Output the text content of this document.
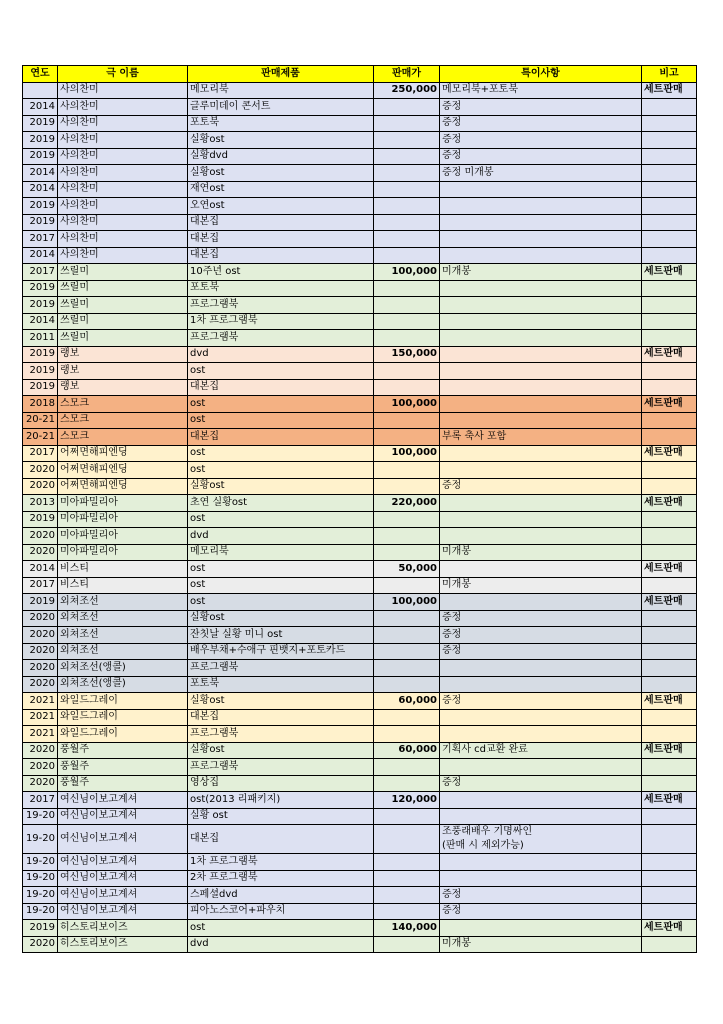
연도	극 이름	판매제품	판매가	특이사항	비고
	사의찬미	메모리북	250,000	메모리북+포토북	세트판매
2014	사의찬미	글루미데이 콘서트		증정	
2019	사의찬미	포토북		증정	
2019	사의찬미	실황ost		증정	
2019	사의찬미	실황dvd		증정	
2014	사의찬미	실황ost		증정 미개봉	
2014	사의찬미	재연ost			
2019	사의찬미	오연ost			
2019	사의찬미	대본집			
2017	사의찬미	대본집			
2014	사의찬미	대본집			
2017	쓰릴미	10주년 ost	100,000	미개봉	세트판매
2019	쓰릴미	포토북			
2019	쓰릴미	프로그램북			
2014	쓰릴미	1차 프로그램북			
2011	쓰릴미	프로그램북			
2019	랭보	dvd	150,000		세트판매
2019	랭보	ost			
2019	랭보	대본집			
2018	스모크	ost	100,000		세트판매
20-21	스모크	ost			
20-21	스모크	대본집		부록 축사 포함	
2017	어쩌면해피엔딩	ost	100,000		세트판매
2020	어쩌면해피엔딩	ost			
2020	어쩌면해피엔딩	실황ost		증정	
2013	미아파밀리아	초연 실황ost	220,000		세트판매
2019	미아파밀리아	ost			
2020	미아파밀리아	dvd			
2020	미아파밀리아	메모리북		미개봉	
2014	비스티	ost	50,000		세트판매
2017	비스티	ost		미개봉	
2019	외쳐조선	ost	100,000		세트판매
2020	외쳐조선	실황ost		증정	
2020	외쳐조선	잔칫날 실황 미니 ost		증정	
2020	외쳐조선	배우부채+수애구 핀뱃지+포토카드		증정	
2020	외쳐조선(앵콜)	프로그램북			
2020	외쳐조선(앵콜)	포토북			
2021	와일드그레이	실황ost	60,000	증정	세트판매
2021	와일드그레이	대본집			
2021	와일드그레이	프로그램북			
2020	풍월주	실황ost	60,000	기획사 cd교환 완료	세트판매
2020	풍월주	프로그램북			
2020	풍월주	영상집		증정	
2017	여신님이보고계셔	ost(2013 리패키지)	120,000		세트판매
19-20	여신님이보고계셔	실황 ost			
19-20	여신님이보고계셔	대본집		조풍래배우 기명싸인
(판매 시 제외가능)	
19-20	여신님이보고계셔	1차 프로그램북			
19-20	여신님이보고계셔	2차 프로그램북			
19-20	여신님이보고계셔	스페셜dvd		증정	
19-20	여신님이보고계셔	피아노스코어+파우치		증정	
2019	히스토리보이즈	ost	140,000		세트판매
2020	히스토리보이즈	dvd		미개봉	
